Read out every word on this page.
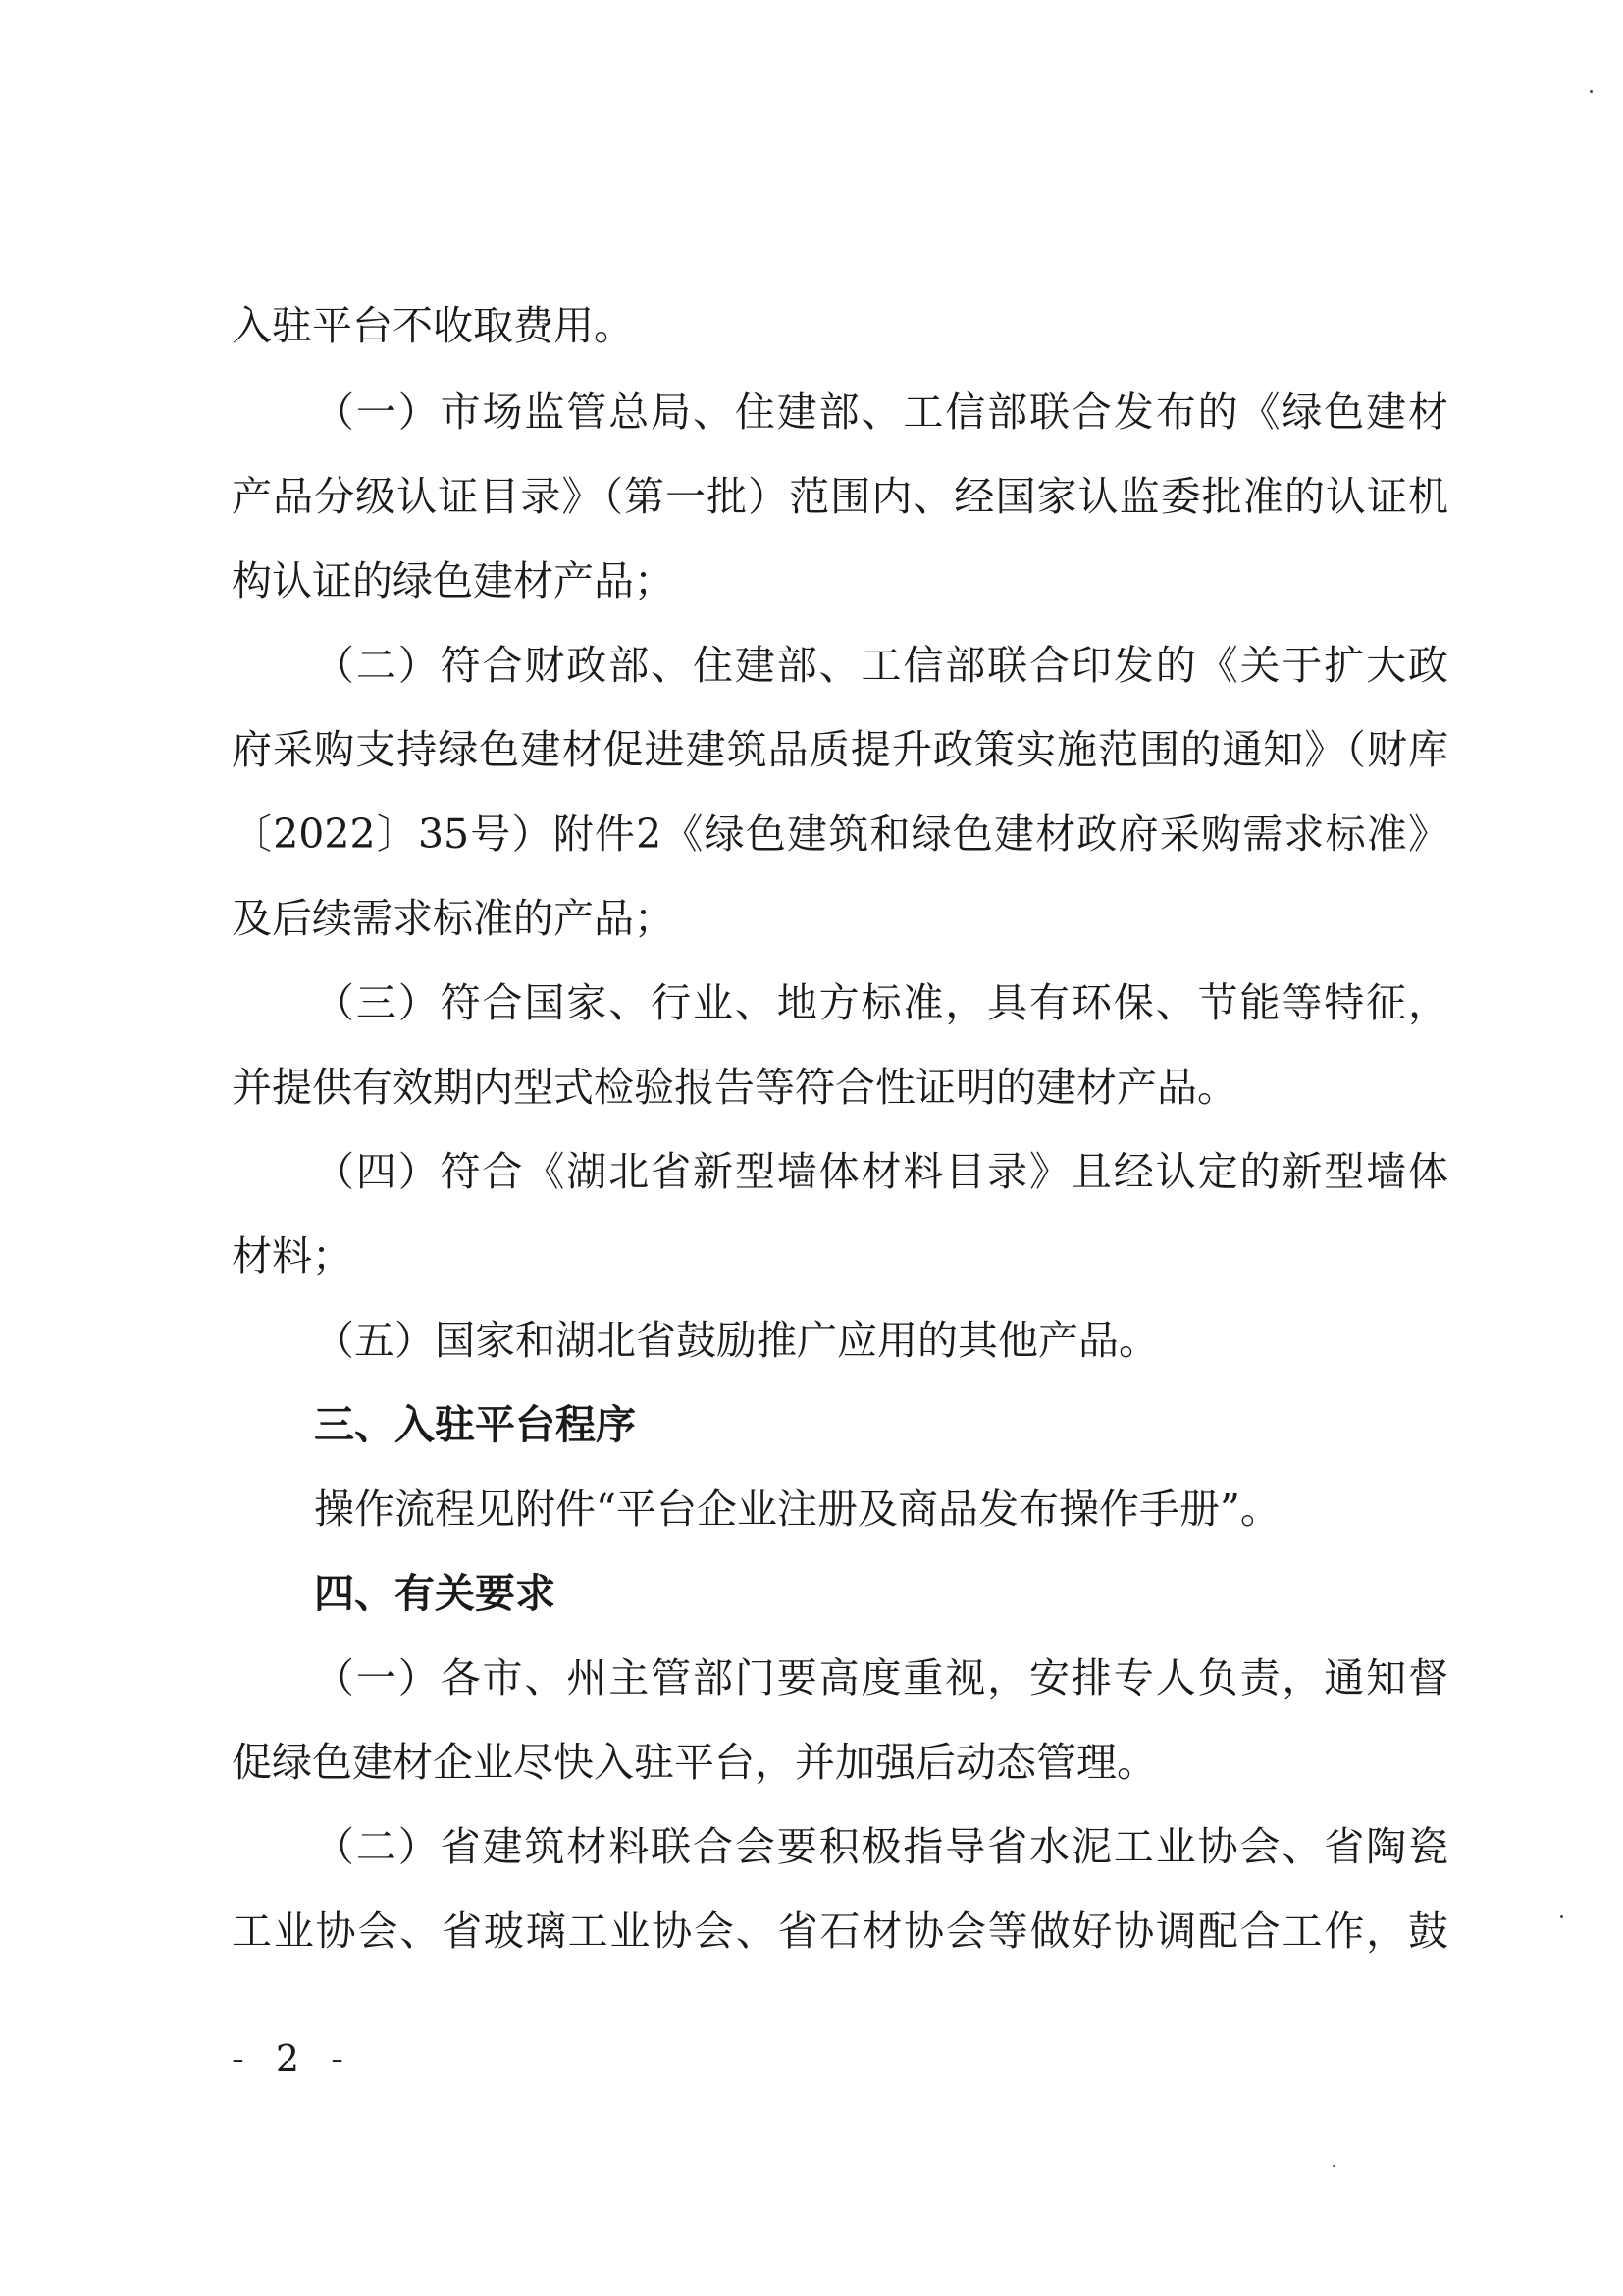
入驻平台不收取费用。
（一）市场监管总局、住建部、工信部联合发布的《绿色建材
产品分级认证目录》（第一批）范围内、经国家认监委批准的认证机
构认证的绿色建材产品；
（二）符合财政部、住建部、工信部联合印发的《关于扩大政
府采购支持绿色建材促进建筑品质提升政策实施范围的通知》（财库
〔2022〕35号）附件2《绿色建筑和绿色建材政府采购需求标准》
及后续需求标准的产品；
（三）符合国家、行业、地方标准，具有环保、节能等特征，
并提供有效期内型式检验报告等符合性证明的建材产品。
（四）符合《湖北省新型墙体材料目录》且经认定的新型墙体
材料；
（五）国家和湖北省鼓励推广应用的其他产品。
三、入驻平台程序
操作流程见附件“平台企业注册及商品发布操作手册”。
四、有关要求
（一）各市、州主管部门要高度重视，安排专人负责，通知督
促绿色建材企业尽快入驻平台，并加强后动态管理。
（二）省建筑材料联合会要积极指导省水泥工业协会、省陶瓷
工业协会、省玻璃工业协会、省石材协会等做好协调配合工作，鼓
- 2 -
